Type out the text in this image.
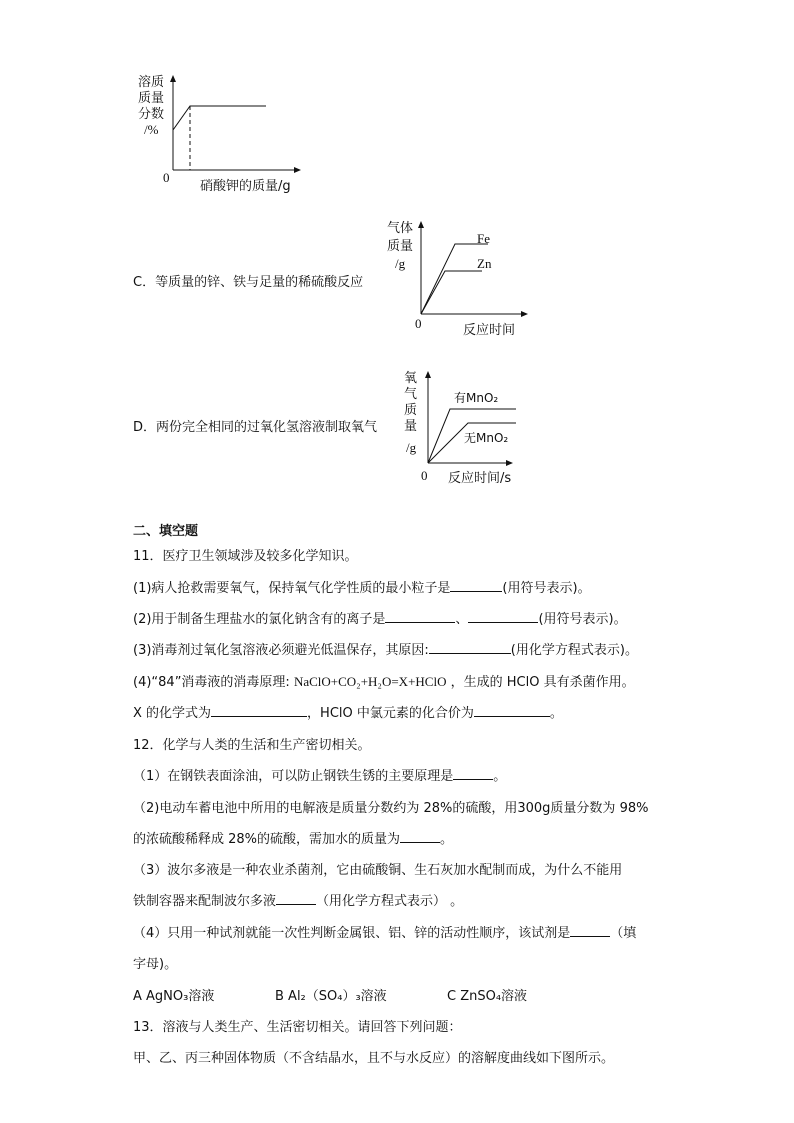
溶质
质量
分数
/%
0
硝酸钾的质量/g
C．等质量的锌、铁与足量的稀硫酸反应
气体
质量
/g
Fe
Zn
0	反应时间
D．两份完全相同的过氧化氢溶液制取氧气
氧
气
质
量
/g
有MnO₂
无MnO₂
0 反应时间/s
二、填空题
11．医疗卫生领域涉及较多化学知识。
(1)病人抢救需要氧气，保持氧气化学性质的最小粒子是	(用符号表示)。
(2)用于制备生理盐水的氯化钠含有的离子是	、	(用符号表示)。
(3)消毒剂过氧化氢溶液必须避光低温保存，其原因:	(用化学方程式表示)。
(4)“84”消毒液的消毒原理: NaClO+CO₂+H₂O=X+HClO ，生成的 HClO 具有杀菌作用。
X 的化学式为	，HClO 中氯元素的化合价为	。
12．化学与人类的生活和生产密切相关。
（1）在钢铁表面涂油，可以防止钢铁生锈的主要原理是	。
（2)电动车蓄电池中所用的电解液是质量分数约为 28%的硫酸，用300g质量分数为 98%
的浓硫酸稀释成 28%的硫酸，需加水的质量为	。
（3）波尔多液是一种农业杀菌剂，它由硫酸铜、生石灰加水配制而成，为什么不能用
铁制容器来配制波尔多液	（用化学方程式表示） 。
（4）只用一种试剂就能一次性判断金属银、铝、锌的活动性顺序，该试剂是	（填
字母)。
A AgNO₃溶液	B Al₂（SO₄）₃溶液	C ZnSO₄溶液
13．溶液与人类生产、生活密切相关。请回答下列问题：
甲、乙、丙三种固体物质（不含结晶水，且不与水反应）的溶解度曲线如下图所示。
